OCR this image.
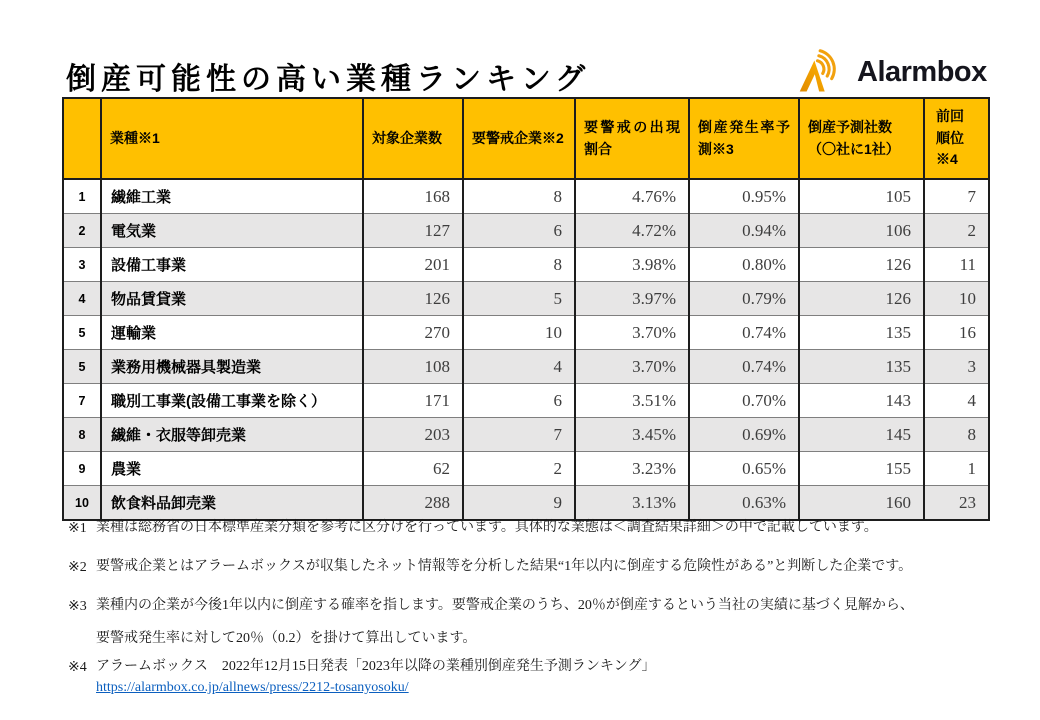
倒産可能性の高い業種ランキング	Alarmbox
	業種※1	対象企業数	要警戒企業※2	要警戒の出現割合	倒産発生率予測※3	倒産予測社数（〇社に1社）	前回順位※4
1	繊維工業	168	8	4.76%	0.95%	105	7
2	電気業	127	6	4.72%	0.94%	106	2
3	設備工事業	201	8	3.98%	0.80%	126	11
4	物品賃貸業	126	5	3.97%	0.79%	126	10
5	運輸業	270	10	3.70%	0.74%	135	16
5	業務用機械器具製造業	108	4	3.70%	0.74%	135	3
7	職別工事業(設備工事業を除く）	171	6	3.51%	0.70%	143	4
8	繊維・衣服等卸売業	203	7	3.45%	0.69%	145	8
9	農業	62	2	3.23%	0.65%	155	1
10	飲食料品卸売業	288	9	3.13%	0.63%	160	23
※1 業種は総務省の日本標準産業分類を参考に区分けを行っています。具体的な業態は＜調査結果詳細＞の中で記載しています。
※2 要警戒企業とはアラームボックスが収集したネット情報等を分析した結果“1年以内に倒産する危険性がある”と判断した企業です。
※3 業種内の企業が今後1年以内に倒産する確率を指します。要警戒企業のうち、20％が倒産するという当社の実績に基づく見解から、
要警戒発生率に対して20％（0.2）を掛けて算出しています。
※4 アラームボックス　2022年12月15日発表「2023年以降の業種別倒産発生予測ランキング」
https://alarmbox.co.jp/allnews/press/2212-tosanyosoku/
